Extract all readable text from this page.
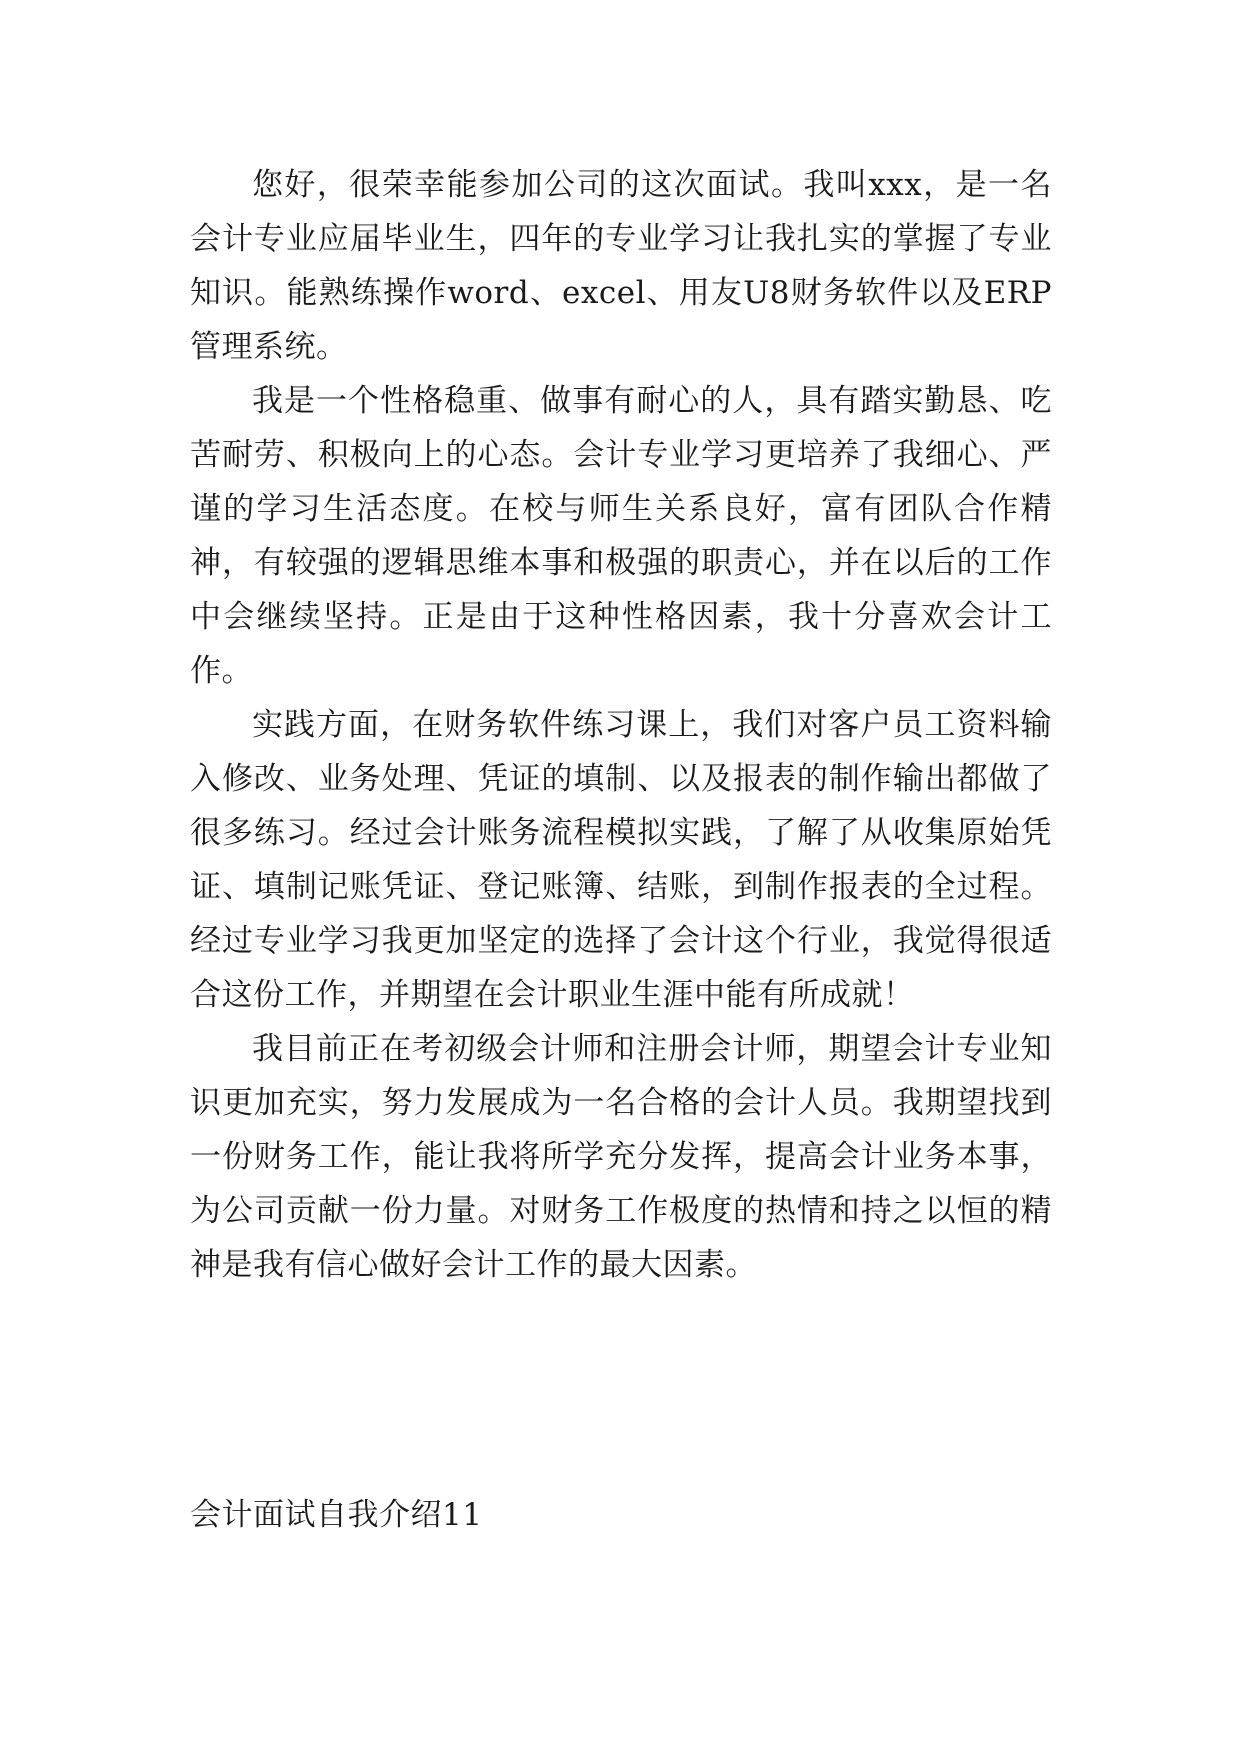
您好，很荣幸能参加公司的这次面试。我叫xxx，是一名会计专业应届毕业生，四年的专业学习让我扎实的掌握了专业知识。能熟练操作word、excel、用友U8财务软件以及ERP管理系统。

我是一个性格稳重、做事有耐心的人，具有踏实勤恳、吃苦耐劳、积极向上的心态。会计专业学习更培养了我细心、严谨的学习生活态度。在校与师生关系良好，富有团队合作精神，有较强的逻辑思维本事和极强的职责心，并在以后的工作中会继续坚持。正是由于这种性格因素，我十分喜欢会计工作。

实践方面，在财务软件练习课上，我们对客户员工资料输入修改、业务处理、凭证的填制、以及报表的制作输出都做了很多练习。经过会计账务流程模拟实践，了解了从收集原始凭证、填制记账凭证、登记账簿、结账，到制作报表的全过程。经过专业学习我更加坚定的选择了会计这个行业，我觉得很适合这份工作，并期望在会计职业生涯中能有所成就！

我目前正在考初级会计师和注册会计师，期望会计专业知识更加充实，努力发展成为一名合格的会计人员。我期望找到一份财务工作，能让我将所学充分发挥，提高会计业务本事，为公司贡献一份力量。对财务工作极度的热情和持之以恒的精神是我有信心做好会计工作的最大因素。

会计面试自我介绍11
